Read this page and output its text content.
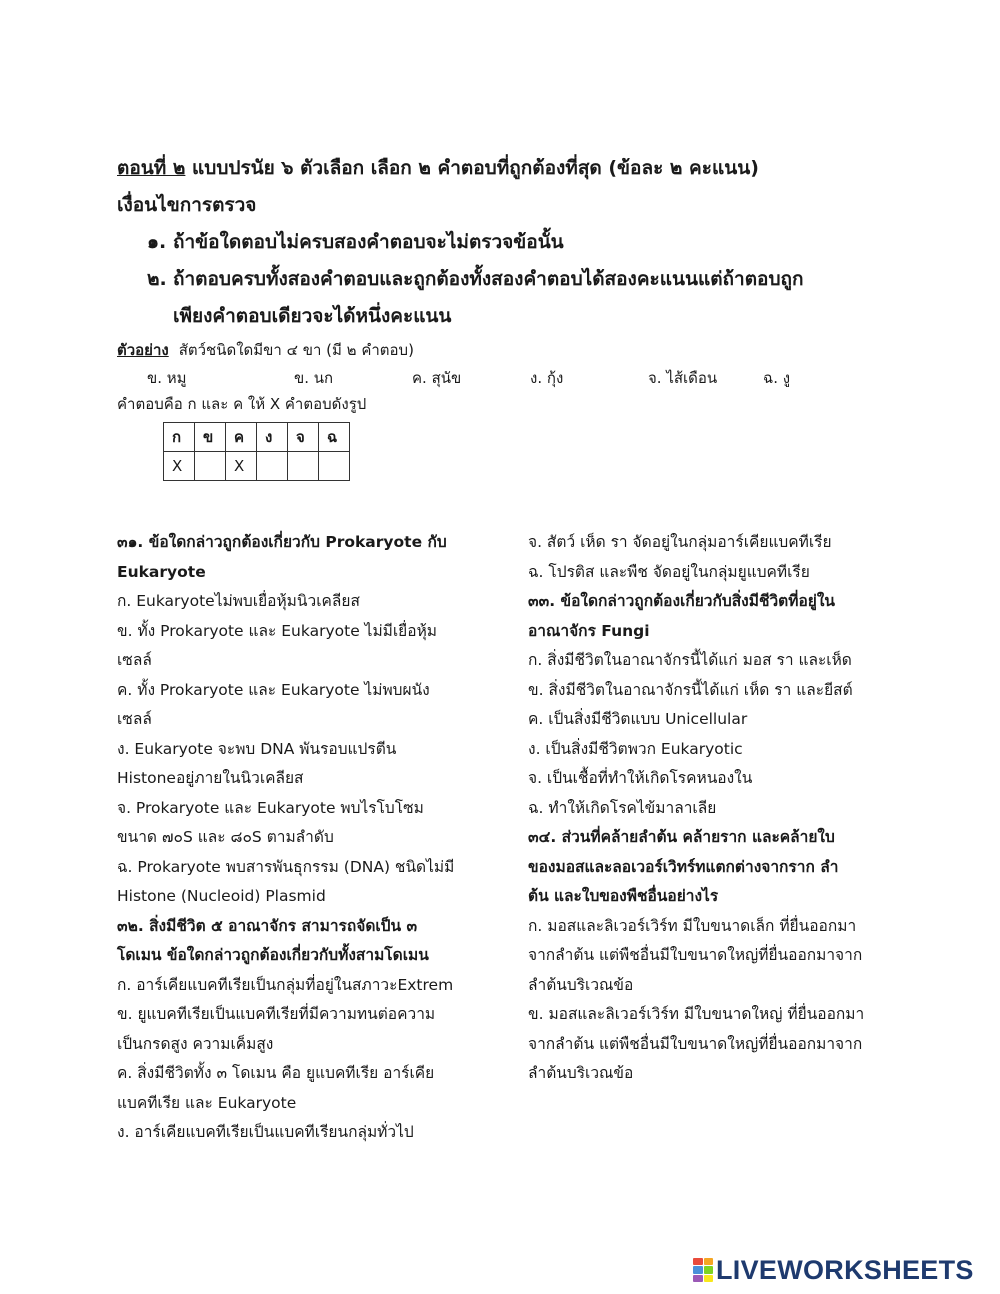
ตอนที่ ๒ แบบปรนัย ๖ ตัวเลือก เลือก ๒ คำตอบที่ถูกต้องที่สุด (ข้อละ ๒ คะแนน)
เงื่อนไขการตรวจ
๑. ถ้าข้อใดตอบไม่ครบสองคำตอบจะไม่ตรวจข้อนั้น
๒. ถ้าตอบครบทั้งสองคำตอบและถูกต้องทั้งสองคำตอบได้สองคะแนนแต่ถ้าตอบถูก
เพียงคำตอบเดียวจะได้หนึ่งคะแนน
ตัวอย่าง สัตว์ชนิดใดมีขา ๔ ขา (มี ๒ คำตอบ)
ข. หมู	ข. นก	ค. สุนัข	ง. กุ้ง	จ. ไส้เดือน	ฉ. งู
คำตอบคือ ก และ ค ให้ X คำตอบดังรูป
ก	ข	ค	ง	จ	ฉ
X		X			
๓๑. ข้อใดกล่าวถูกต้องเกี่ยวกับ Prokaryote กับ
Eukaryote
ก. Eukaryoteไม่พบเยื่อหุ้มนิวเคลียส
ข. ทั้ง Prokaryote และ Eukaryote ไม่มีเยื่อหุ้ม
เซลล์
ค. ทั้ง Prokaryote และ Eukaryote ไม่พบผนัง
เซลล์
ง. Eukaryote จะพบ DNA พันรอบแปรตีน
Histoneอยู่ภายในนิวเคลียส
จ. Prokaryote และ Eukaryote พบไรโบโซม
ขนาด ๗๐S และ ๘๐S ตามลำดับ
ฉ. Prokaryote พบสารพันธุกรรม (DNA) ชนิดไม่มี
Histone (Nucleoid) Plasmid
๓๒. สิ่งมีชีวิต ๕ อาณาจักร สามารถจัดเป็น ๓
โดเมน ข้อใดกล่าวถูกต้องเกี่ยวกับทั้งสามโดเมน
ก. อาร์เคียแบคทีเรียเป็นกลุ่มที่อยู่ในสภาวะExtrem
ข. ยูแบคทีเรียเป็นแบคทีเรียที่มีความทนต่อความ
เป็นกรดสูง ความเค็มสูง
ค. สิ่งมีชีวิตทั้ง ๓ โดเมน คือ ยูแบคทีเรีย อาร์เคีย
แบคทีเรีย และ Eukaryote
ง. อาร์เคียแบคทีเรียเป็นแบคทีเรียนกลุ่มทั่วไป
จ. สัตว์ เห็ด รา จัดอยู่ในกลุ่มอาร์เคียแบคทีเรีย
ฉ. โปรติส และพืช จัดอยู่ในกลุ่มยูแบคทีเรีย
๓๓. ข้อใดกล่าวถูกต้องเกี่ยวกับสิ่งมีชีวิตที่อยู่ใน
อาณาจักร Fungi
ก. สิ่งมีชีวิตในอาณาจักรนี้ได้แก่ มอส รา และเห็ด
ข. สิ่งมีชีวิตในอาณาจักรนี้ได้แก่ เห็ด รา และยีสต์
ค. เป็นสิ่งมีชีวิตแบบ Unicellular
ง. เป็นสิ่งมีชีวิตพวก Eukaryotic
จ. เป็นเชื้อที่ทำให้เกิดโรคหนองใน
ฉ. ทำให้เกิดโรคไข้มาลาเลีย
๓๔. ส่วนที่คล้ายลำต้น คล้ายราก และคล้ายใบ
ของมอสและลอเวอร์เวิทร์ทแตกต่างจากราก ลำ
ต้น และใบของพืชอื่นอย่างไร
ก. มอสและลิเวอร์เวิร์ท มีใบขนาดเล็ก ที่ยื่นออกมา
จากลำต้น แต่พืชอื่นมีใบขนาดใหญ่ที่ยื่นออกมาจาก
ลำต้นบริเวณข้อ
ข. มอสและลิเวอร์เวิร์ท มีใบขนาดใหญ่ ที่ยื่นออกมา
จากลำต้น แต่พืชอื่นมีใบขนาดใหญ่ที่ยื่นออกมาจาก
ลำต้นบริเวณข้อ
LIVEWORKSHEETS
